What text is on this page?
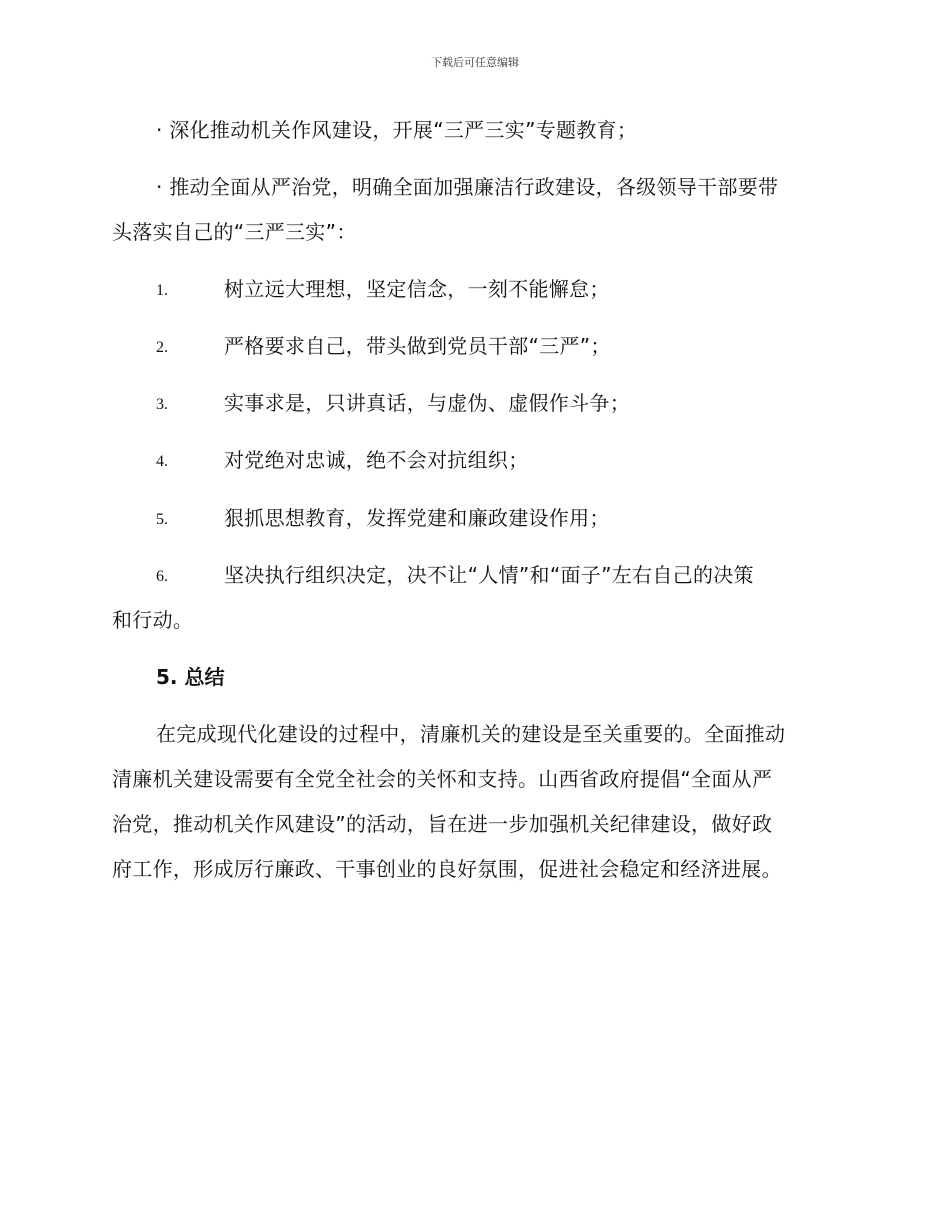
下载后可任意编辑
· 深化推动机关作风建设，开展“三严三实”专题教育；
· 推动全面从严治党，明确全面加强廉洁行政建设，各级领导干部要带
头落实自己的“三严三实”：
1.	树立远大理想，坚定信念，一刻不能懈怠；
2.	严格要求自己，带头做到党员干部“三严”；
3.	实事求是，只讲真话，与虚伪、虚假作斗争；
4.	对党绝对忠诚，绝不会对抗组织；
5.	狠抓思想教育，发挥党建和廉政建设作用；
6.	坚决执行组织决定，决不让“人情”和“面子”左右自己的决策
和行动。
5. 总结
在完成现代化建设的过程中，清廉机关的建设是至关重要的。全面推动
清廉机关建设需要有全党全社会的关怀和支持。山西省政府提倡“全面从严
治党，推动机关作风建设”的活动，旨在进一步加强机关纪律建设，做好政
府工作，形成厉行廉政、干事创业的良好氛围，促进社会稳定和经济进展。
